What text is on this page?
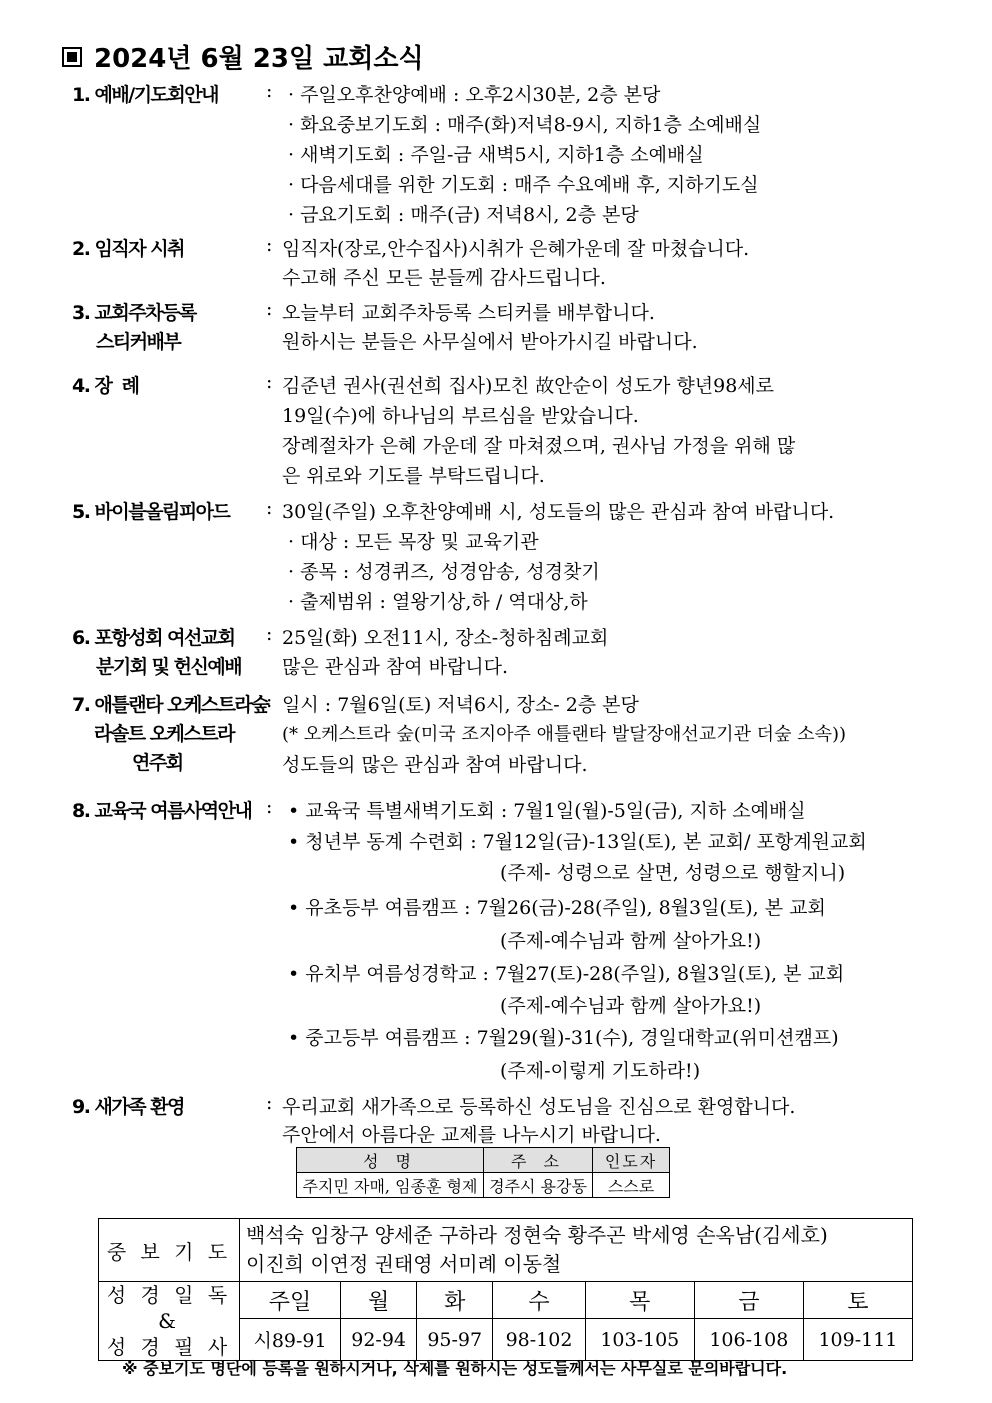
2024년 6월 23일 교회소식
1. 예배/기도회안내	: · 주일오후찬양예배 : 오후2시30분, 2층 본당
· 화요중보기도회 : 매주(화)저녁8-9시, 지하1층 소예배실
· 새벽기도회 : 주일-금 새벽5시, 지하1층 소예배실
· 다음세대를 위한 기도회 : 매주 수요예배 후, 지하기도실
· 금요기도회 : 매주(금) 저녁8시, 2층 본당
2. 임직자 시취	: 임직자(장로,안수집사)시취가 은혜가운데 잘 마쳤습니다.
수고해 주신 모든 분들께 감사드립니다.
3. 교회주차등록
스티커배부
: 오늘부터 교회주차등록 스티커를 배부합니다.
원하시는 분들은 사무실에서 받아가시길 바랍니다.
4. 장  례	: 김준년 권사(권선희 집사)모친 故안순이 성도가 향년98세로
19일(수)에 하나님의 부르심을 받았습니다.
장례절차가 은혜 가운데 잘 마쳐졌으며, 권사님 가정을 위해 많
은 위로와 기도를 부탁드립니다.
5. 바이블올림피아드 : 30일(주일) 오후찬양예배 시, 성도들의 많은 관심과 참여 바랍니다.
· 대상 : 모든 목장 및 교육기관
· 종목 : 성경퀴즈, 성경암송, 성경찾기
· 출제범위 : 열왕기상,하 / 역대상,하
6. 포항성회 여선교회
분기회 및 헌신예배
: 25일(화) 오전11시, 장소-청하침례교회
많은 관심과 참여 바랍니다.
7. 애틀랜타 오케스트라숲
라솔트 오케스트라
연주회
: 일시 : 7월6일(토) 저녁6시, 장소- 2층 본당
(* 오케스트라 숲(미국 조지아주 애틀랜타 발달장애선교기관 더숲 소속))
성도들의 많은 관심과 참여 바랍니다.
8. 교육국 여름사역안내 : • 교육국 특별새벽기도회 : 7월1일(월)-5일(금), 지하 소예배실
• 청년부 동계 수련회 : 7월12일(금)-13일(토), 본 교회/ 포항계원교회
(주제- 성령으로 살면, 성령으로 행할지니)
• 유초등부 여름캠프 : 7월26(금)-28(주일), 8월3일(토), 본 교회
(주제-예수님과 함께 살아가요!)
• 유치부 여름성경학교 : 7월27(토)-28(주일), 8월3일(토), 본 교회
(주제-예수님과 함께 살아가요!)
• 중고등부 여름캠프 : 7월29(월)-31(수), 경일대학교(위미션캠프)
(주제-이렇게 기도하라!)
9. 새가족 환영	: 우리교회 새가족으로 등록하신 성도님을 진심으로 환영합니다.
주안에서 아름다운 교제를 나누시기 바랍니다.
성 명	주 소	인도자
주지민 자매, 임종훈 형제	경주시 용강동	스스로
중 보 기 도	백석숙 임창구 양세준 구하라 정현숙 황주곤 박세영 손옥남(김세호)
이진희 이연정 권태영 서미례 이동철						

성 경 일 독
&
성 경 필 사	주일	월	화	수	목	금	토
	시89-91	92-94	95-97	98-102	103-105	106-108	109-111
※ 중보기도 명단에 등록을 원하시거나, 삭제를 원하시는 성도들께서는 사무실로 문의바랍니다.
